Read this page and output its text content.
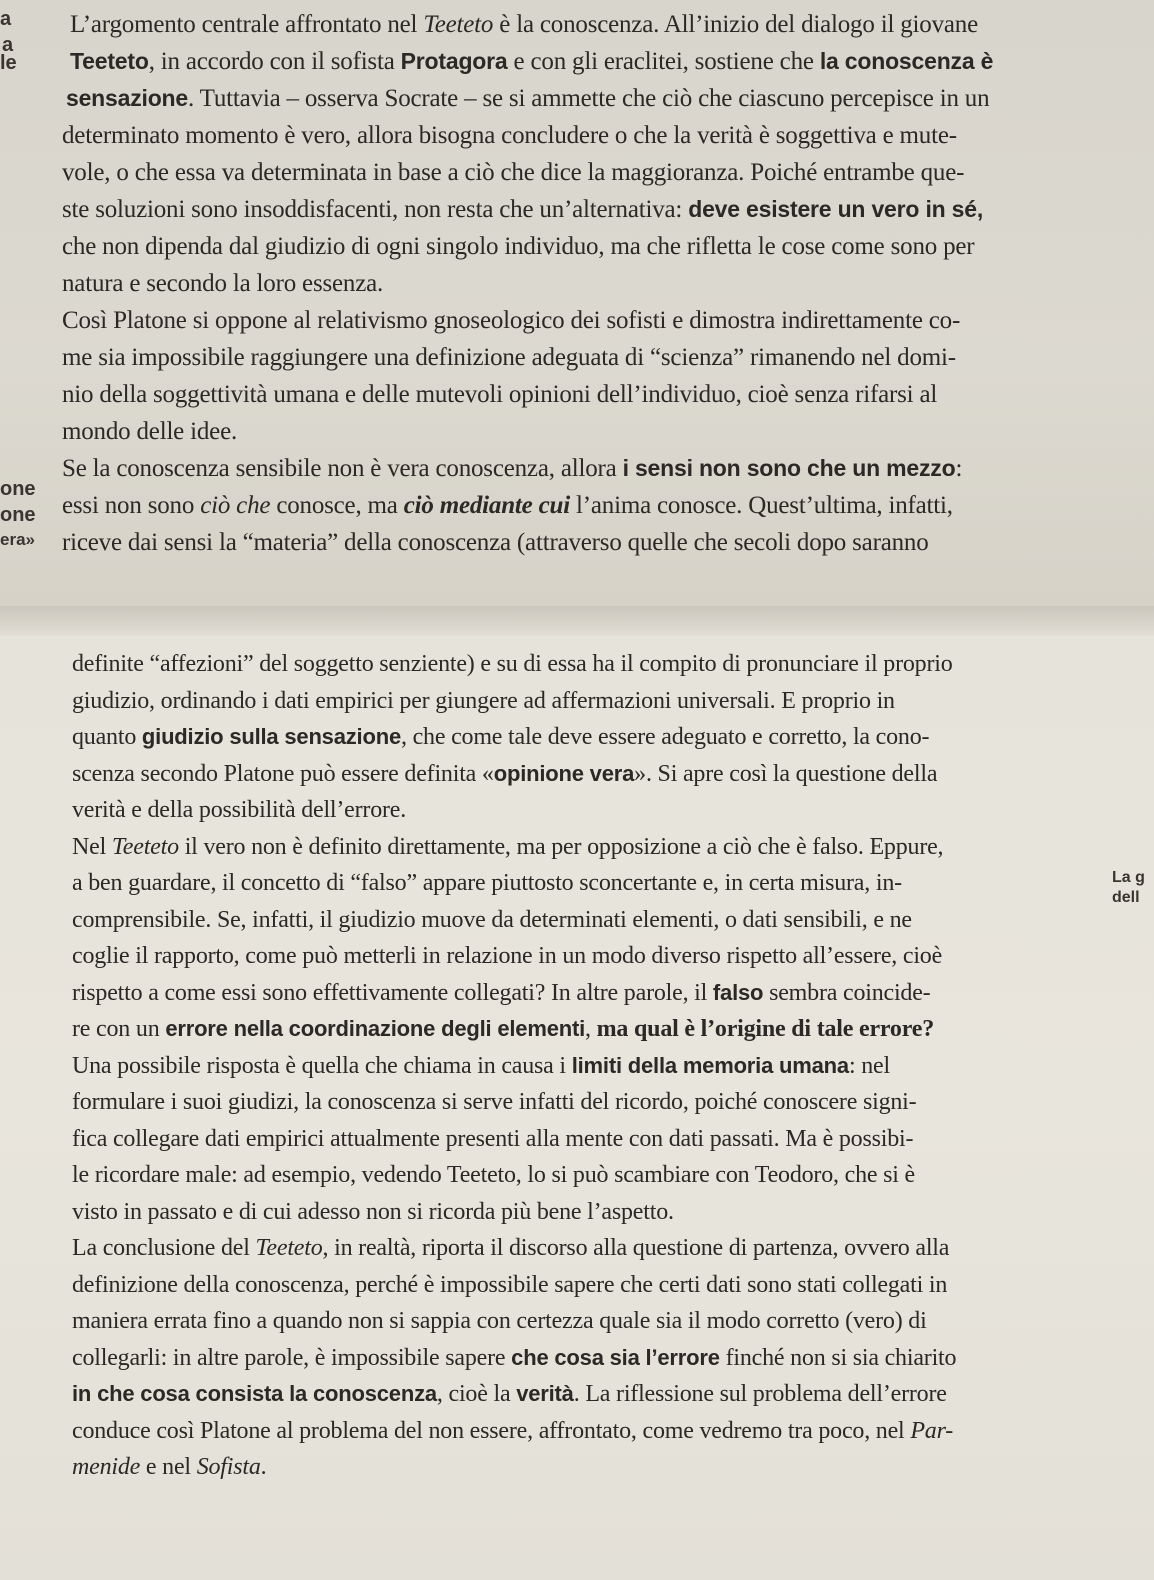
a
a
le
one
one
era»
La g
dell
L’argomento centrale affrontato nel Teeteto è la conoscenza. All’inizio del dialogo il giovane
Teeteto, in accordo con il sofista Protagora e con gli eraclitei, sostiene che la conoscenza è
sensazione. Tuttavia – osserva Socrate – se si ammette che ciò che ciascuno percepisce in un
determinato momento è vero, allora bisogna concludere o che la verità è soggettiva e mute-
vole, o che essa va determinata in base a ciò che dice la maggioranza. Poiché entrambe que-
ste soluzioni sono insoddisfacenti, non resta che un’alternativa: deve esistere un vero in sé,
che non dipenda dal giudizio di ogni singolo individuo, ma che rifletta le cose come sono per
natura e secondo la loro essenza.
Così Platone si oppone al relativismo gnoseologico dei sofisti e dimostra indirettamente co-
me sia impossibile raggiungere una definizione adeguata di “scienza” rimanendo nel domi-
nio della soggettività umana e delle mutevoli opinioni dell’individuo, cioè senza rifarsi al
mondo delle idee.
Se la conoscenza sensibile non è vera conoscenza, allora i sensi non sono che un mezzo:
essi non sono ciò che conosce, ma ciò mediante cui l’anima conosce. Quest’ultima, infatti,
riceve dai sensi la “materia” della conoscenza (attraverso quelle che secoli dopo saranno
definite “affezioni” del soggetto senziente) e su di essa ha il compito di pronunciare il proprio
giudizio, ordinando i dati empirici per giungere ad affermazioni universali. E proprio in
quanto giudizio sulla sensazione, che come tale deve essere adeguato e corretto, la cono-
scenza secondo Platone può essere definita «opinione vera». Si apre così la questione della
verità e della possibilità dell’errore.
Nel Teeteto il vero non è definito direttamente, ma per opposizione a ciò che è falso. Eppure,
a ben guardare, il concetto di “falso” appare piuttosto sconcertante e, in certa misura, in-
comprensibile. Se, infatti, il giudizio muove da determinati elementi, o dati sensibili, e ne
coglie il rapporto, come può metterli in relazione in un modo diverso rispetto all’essere, cioè
rispetto a come essi sono effettivamente collegati? In altre parole, il falso sembra coincide-
re con un errore nella coordinazione degli elementi, ma qual è l’origine di tale errore?
Una possibile risposta è quella che chiama in causa i limiti della memoria umana: nel
formulare i suoi giudizi, la conoscenza si serve infatti del ricordo, poiché conoscere signi-
fica collegare dati empirici attualmente presenti alla mente con dati passati. Ma è possibi-
le ricordare male: ad esempio, vedendo Teeteto, lo si può scambiare con Teodoro, che si è
visto in passato e di cui adesso non si ricorda più bene l’aspetto.
La conclusione del Teeteto, in realtà, riporta il discorso alla questione di partenza, ovvero alla
definizione della conoscenza, perché è impossibile sapere che certi dati sono stati collegati in
maniera errata fino a quando non si sappia con certezza quale sia il modo corretto (vero) di
collegarli: in altre parole, è impossibile sapere che cosa sia l’errore finché non si sia chiarito
in che cosa consista la conoscenza, cioè la verità. La riflessione sul problema dell’errore
conduce così Platone al problema del non essere, affrontato, come vedremo tra poco, nel Par-
menide e nel Sofista.
